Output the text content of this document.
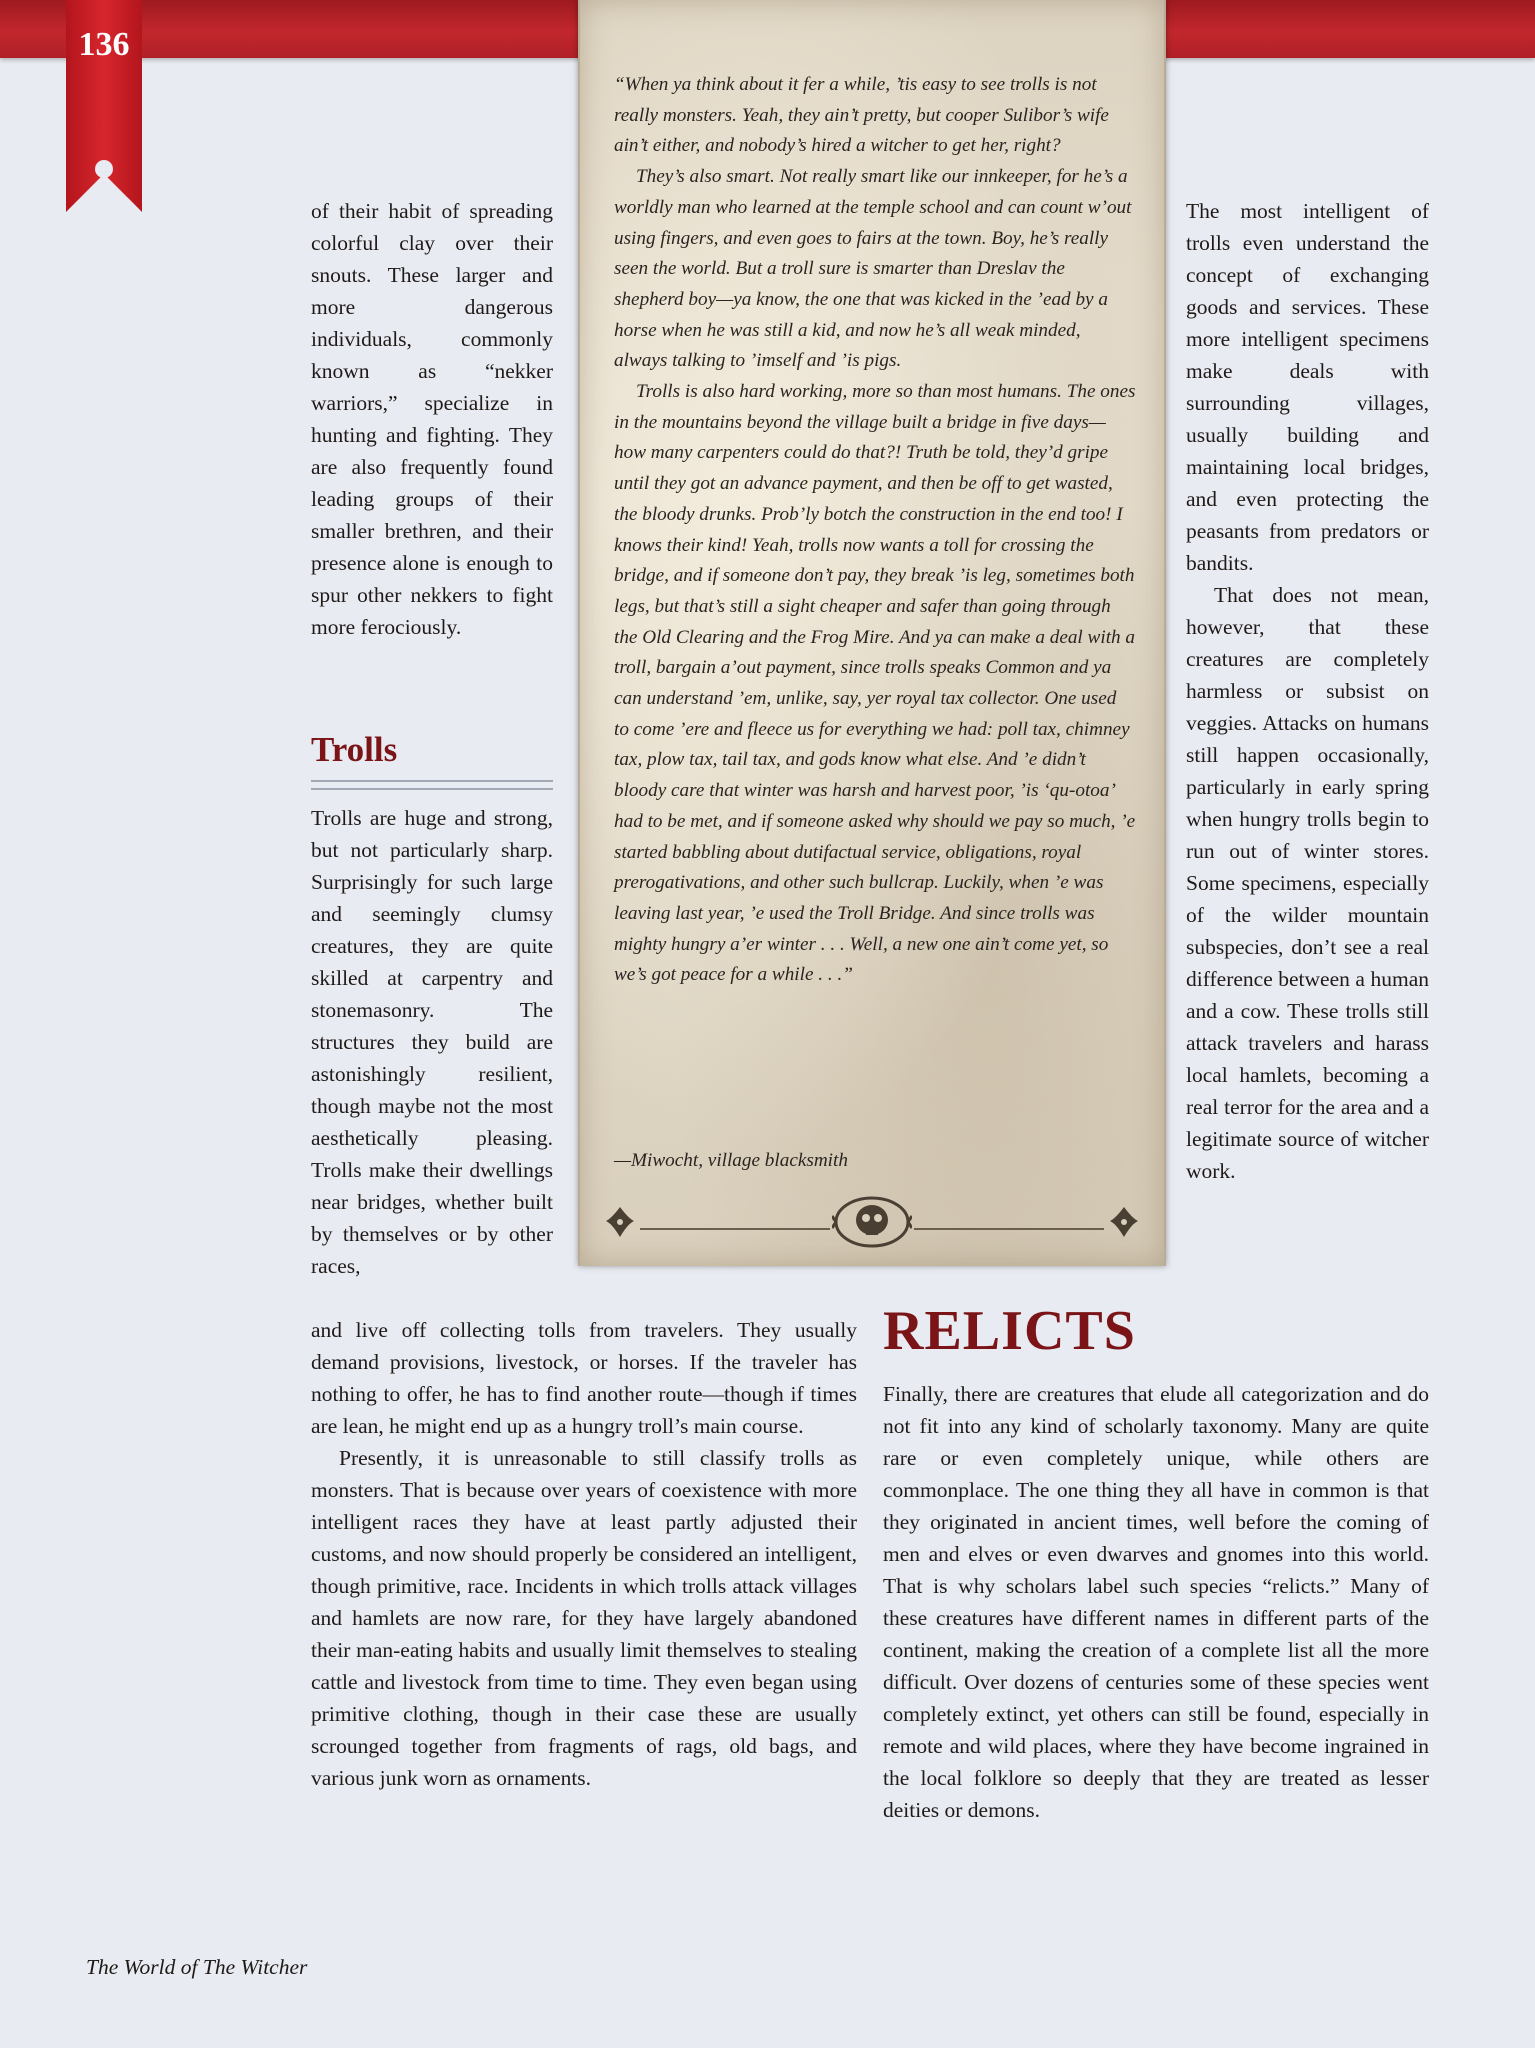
136

of their habit of spreading colorful clay over their snouts. These larger and more dangerous individuals, commonly known as “nekker warriors,” specialize in hunting and fighting. They are also frequently found leading groups of their smaller brethren, and their presence alone is enough to spur other nekkers to fight more ferociously.

Trolls

Trolls are huge and strong, but not particularly sharp. Surprisingly for such large and seemingly clumsy creatures, they are quite skilled at carpentry and stonemasonry. The structures they build are astonishingly resilient, though maybe not the most aesthetically pleasing. Trolls make their dwellings near bridges, whether built by themselves or by other races,

and live off collecting tolls from travelers. They usually demand provisions, livestock, or horses. If the traveler has nothing to offer, he has to find another route—though if times are lean, he might end up as a hungry troll’s main course.

Presently, it is unreasonable to still classify trolls as monsters. That is because over years of coexistence with more intelligent races they have at least partly adjusted their customs, and now should properly be considered an intelligent, though primitive, race. Incidents in which trolls attack villages and hamlets are now rare, for they have largely abandoned their man-eating habits and usually limit themselves to stealing cattle and livestock from time to time. They even began using primitive clothing, though in their case these are usually scrounged together from fragments of rags, old bags, and various junk worn as ornaments.

“When ya think about it fer a while, ’tis easy to see trolls is not really monsters. Yeah, they ain’t pretty, but cooper Sulibor’s wife ain’t either, and nobody’s hired a witcher to get her, right?

They’s also smart. Not really smart like our innkeeper, for he’s a worldly man who learned at the temple school and can count w’out using fingers, and even goes to fairs at the town. Boy, he’s really seen the world. But a troll sure is smarter than Dreslav the shepherd boy—ya know, the one that was kicked in the ’ead by a horse when he was still a kid, and now he’s all weak minded, always talking to ’imself and ’is pigs.

Trolls is also hard working, more so than most humans. The ones in the mountains beyond the village built a bridge in five days—how many carpenters could do that?! Truth be told, they’d gripe until they got an advance payment, and then be off to get wasted, the bloody drunks. Prob’ly botch the construction in the end too! I knows their kind! Yeah, trolls now wants a toll for crossing the bridge, and if someone don’t pay, they break ’is leg, sometimes both legs, but that’s still a sight cheaper and safer than going through the Old Clearing and the Frog Mire. And ya can make a deal with a troll, bargain a’out payment, since trolls speaks Common and ya can understand ’em, unlike, say, yer royal tax collector. One used to come ’ere and fleece us for everything we had: poll tax, chimney tax, plow tax, tail tax, and gods know what else. And ’e didn’t bloody care that winter was harsh and harvest poor, ’is ‘qu-otoa’ had to be met, and if someone asked why should we pay so much, ’e started babbling about dutifactual service, obligations, royal prerogativations, and other such bullcrap. Luckily, when ’e was leaving last year, ’e used the Troll Bridge. And since trolls was mighty hungry a’er winter . . . Well, a new one ain’t come yet, so we’s got peace for a while . . .”

—Miwocht, village blacksmith

The most intelligent of trolls even understand the concept of exchanging goods and services. These more intelligent specimens make deals with surrounding villages, usually building and maintaining local bridges, and even protecting the peasants from predators or bandits.

That does not mean, however, that these creatures are completely harmless or subsist on veggies. Attacks on humans still happen occasionally, particularly in early spring when hungry trolls begin to run out of winter stores. Some specimens, especially of the wilder mountain subspecies, don’t see a real difference between a human and a cow. These trolls still attack travelers and harass local hamlets, becoming a real terror for the area and a legitimate source of witcher work.

RELICTS

Finally, there are creatures that elude all categorization and do not fit into any kind of scholarly taxonomy. Many are quite rare or even completely unique, while others are commonplace. The one thing they all have in common is that they originated in ancient times, well before the coming of men and elves or even dwarves and gnomes into this world. That is why scholars label such species “relicts.” Many of these creatures have different names in different parts of the continent, making the creation of a complete list all the more difficult. Over dozens of centuries some of these species went completely extinct, yet others can still be found, especially in remote and wild places, where they have become ingrained in the local folklore so deeply that they are treated as lesser deities or demons.

The World of The Witcher
